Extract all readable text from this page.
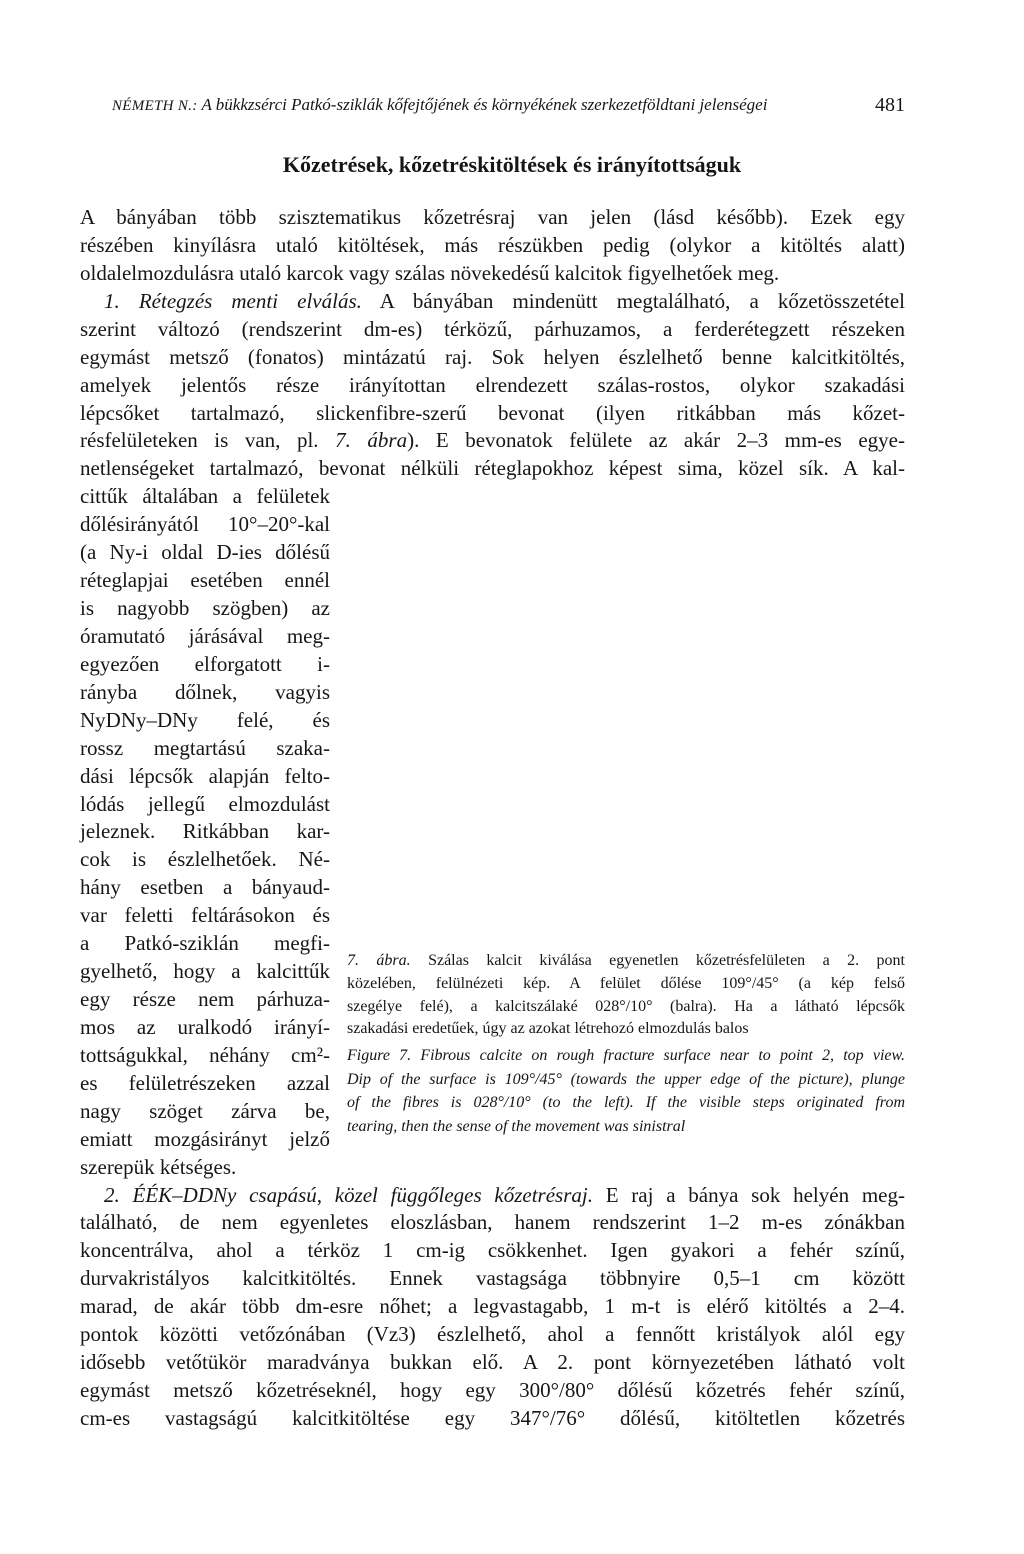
NÉMETH N.: A bükkzsérci Patkó-sziklák kőfejtőjének és környékének szerkezetföldtani jelenségei	481
Kőzetrések, kőzetréskitöltések és irányítottságuk
A bányában több szisztematikus kőzetrésraj van jelen (lásd később). Ezek egy
részében kinyílásra utaló kitöltések, más részükben pedig (olykor a kitöltés alatt)
oldalelmozdulásra utaló karcok vagy szálas növekedésű kalcitok figyelhetőek meg.
1. Rétegzés menti elválás. A bányában mindenütt megtalálható, a kőzetösszetétel
szerint változó (rendszerint dm-es) térközű, párhuzamos, a ferderétegzett részeken
egymást metsző (fonatos) mintázatú raj. Sok helyen észlelhető benne kalcitkitöltés,
amelyek jelentős része irányítottan elrendezett szálas-rostos, olykor szakadási
lépcsőket tartalmazó, slickenfibre-szerű bevonat (ilyen ritkábban más kőzet-
résfelületeken is van, pl. 7. ábra). E bevonatok felülete az akár 2–3 mm-es egye-
netlenségeket tartalmazó, bevonat nélküli réteglapokhoz képest sima, közel sík. A kal-
cittűk általában a felületek
dőlésirányától 10°–20°-kal
(a Ny-i oldal D-ies dőlésű
réteglapjai esetében ennél
is nagyobb szögben) az
óramutató járásával meg-
egyezően elforgatott i-
rányba dőlnek, vagyis
NyDNy–DNy felé, és
rossz megtartású szaka-
dási lépcsők alapján felto-
lódás jellegű elmozdulást
jeleznek. Ritkábban kar-
cok is észlelhetőek. Né-
hány esetben a bányaud-
var feletti feltárásokon és
a Patkó-sziklán megfi-
gyelhető, hogy a kalcittűk
egy része nem párhuza-
mos az uralkodó irányí-
tottságukkal, néhány cm²-
es felületrészeken azzal
nagy szöget zárva be,
emiatt mozgásirányt jelző
szerepük kétséges.
2. ÉÉK–DDNy csapású, közel függőleges kőzetrésraj. E raj a bánya sok helyén meg-
található, de nem egyenletes eloszlásban, hanem rendszerint 1–2 m-es zónákban
koncentrálva, ahol a térköz 1 cm-ig csökkenhet. Igen gyakori a fehér színű,
durvakristályos kalcitkitöltés. Ennek vastagsága többnyire 0,5–1 cm között
marad, de akár több dm-esre nőhet; a legvastagabb, 1 m-t is elérő kitöltés a 2–4.
pontok közötti vetőzónában (Vz3) észlelhető, ahol a fennőtt kristályok alól egy
idősebb vetőtükör maradványa bukkan elő. A 2. pont környezetében látható volt
egymást metsző kőzetréseknél, hogy egy 300°/80° dőlésű kőzetrés fehér színű,
cm-es vastagságú kalcitkitöltése egy 347°/76° dőlésű, kitöltetlen kőzetrés
7. ábra. Szálas kalcit kiválása egyenetlen kőzetrésfelületen a 2. pont
közelében, felülnézeti kép. A felület dőlése 109°/45° (a kép felső
szegélye felé), a kalcitszálaké 028°/10° (balra). Ha a látható lépcsők
szakadási eredetűek, úgy az azokat létrehozó elmozdulás balos
Figure 7. Fibrous calcite on rough fracture surface near to point 2, top view.
Dip of the surface is 109°/45° (towards the upper edge of the picture), plunge
of the fibres is 028°/10° (to the left). If the visible steps originated from
tearing, then the sense of the movement was sinistral
